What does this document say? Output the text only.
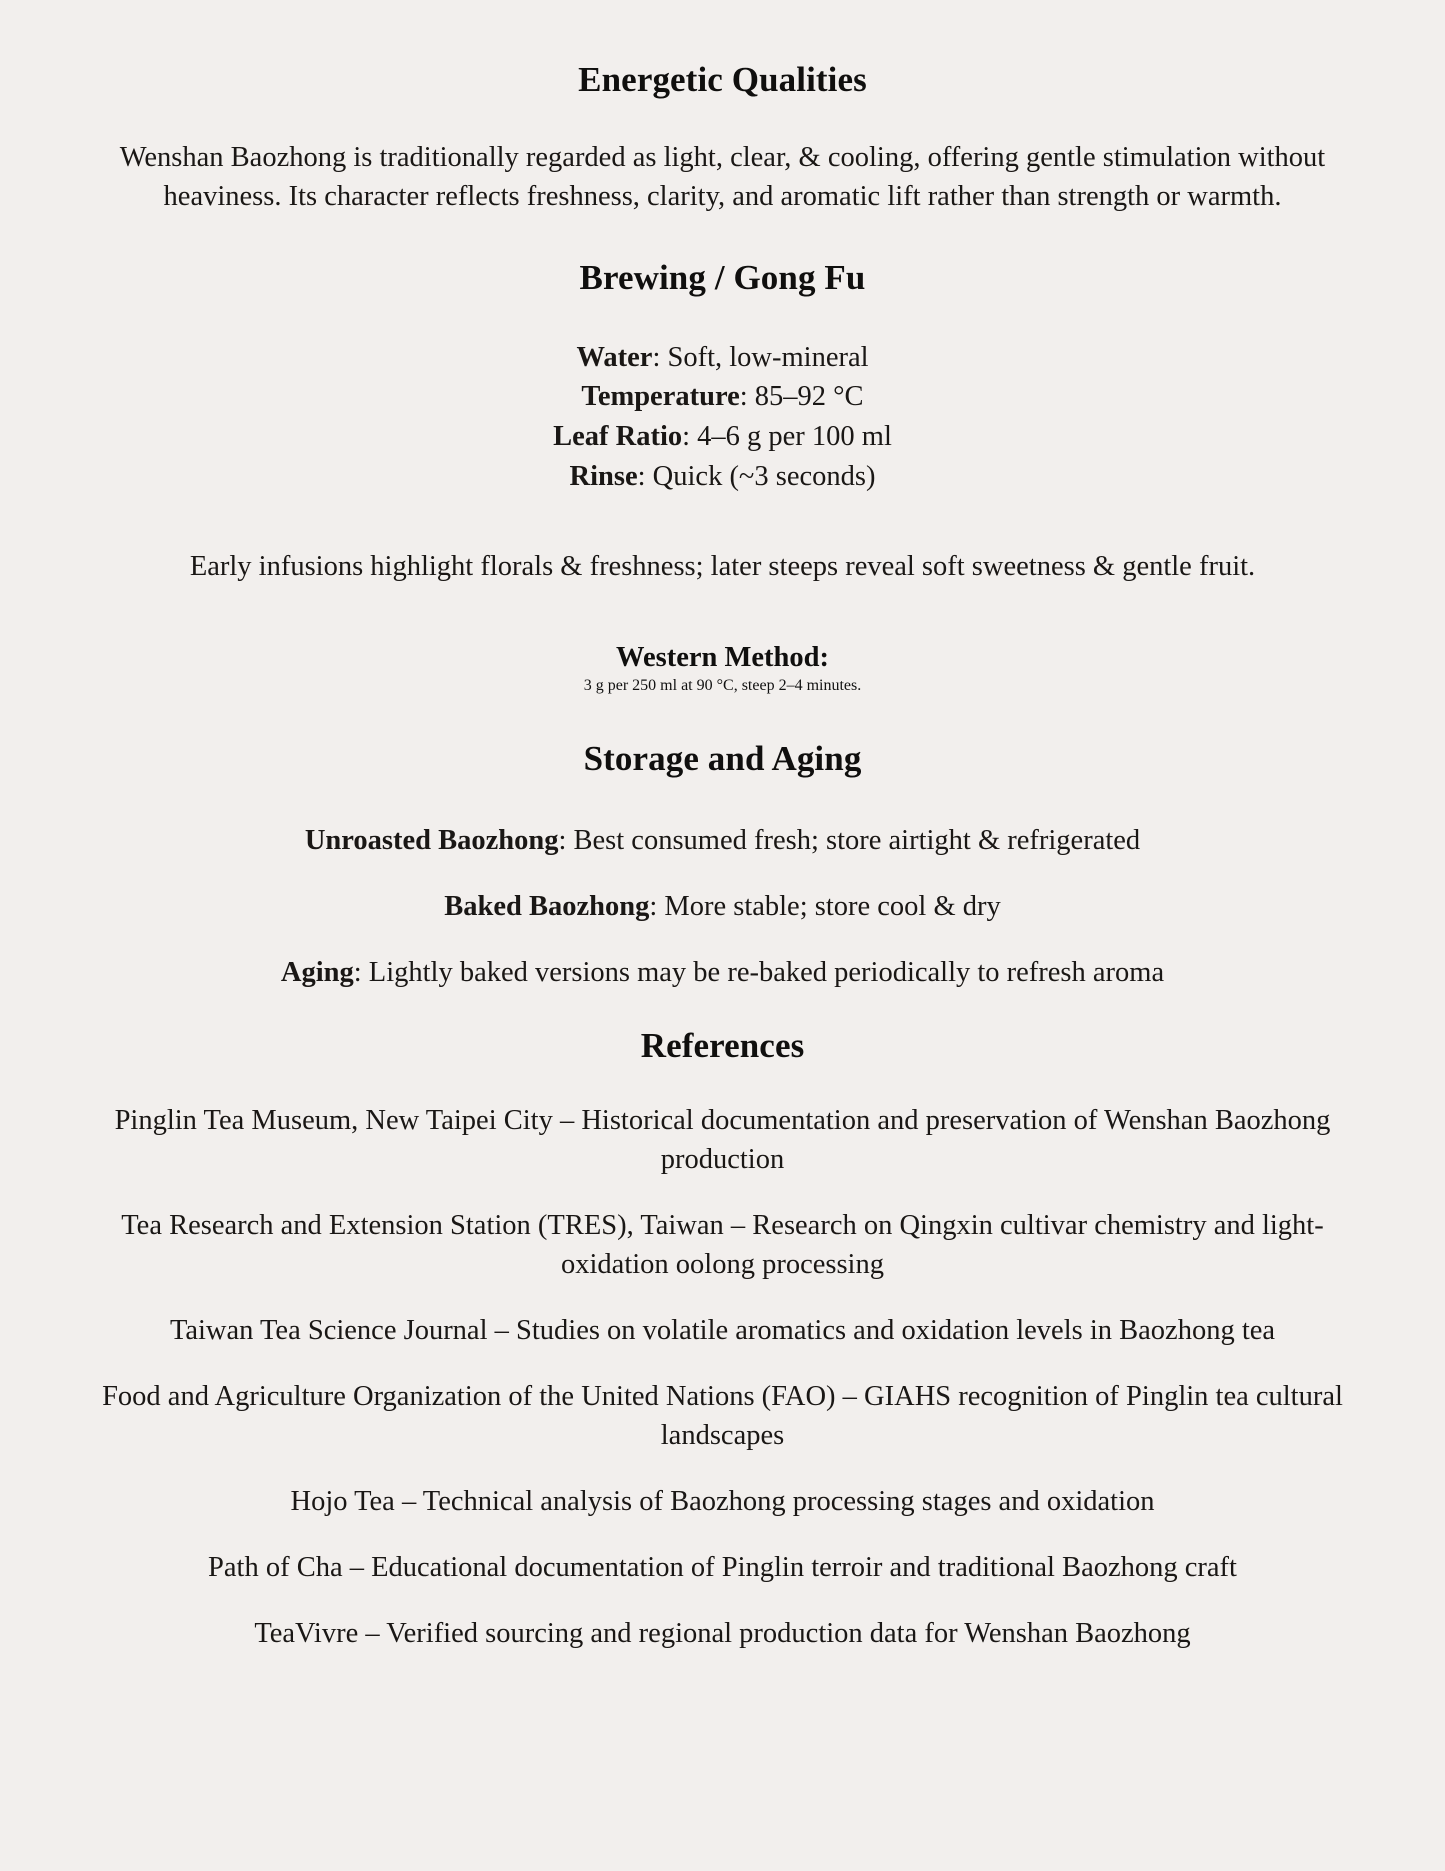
Energetic Qualities

Wenshan Baozhong is traditionally regarded as light, clear, & cooling, offering gentle stimulation without heaviness. Its character reflects freshness, clarity, and aromatic lift rather than strength or warmth.

Brewing / Gong Fu
Water: Soft, low-mineral
Temperature: 85–92 °C
Leaf Ratio: 4–6 g per 100 ml
Rinse: Quick (~3 seconds)

Early infusions highlight florals & freshness; later steeps reveal soft sweetness & gentle fruit.

Western Method:
3 g per 250 ml at 90 °C, steep 2–4 minutes.
Storage and Aging
Unroasted Baozhong: Best consumed fresh; store airtight & refrigerated
Baked Baozhong: More stable; store cool & dry
Aging: Lightly baked versions may be re-baked periodically to refresh aroma
References
Pinglin Tea Museum, New Taipei City – Historical documentation and preservation of Wenshan Baozhong production
Tea Research and Extension Station (TRES), Taiwan – Research on Qingxin cultivar chemistry and light-oxidation oolong processing
Taiwan Tea Science Journal – Studies on volatile aromatics and oxidation levels in Baozhong tea
Food and Agriculture Organization of the United Nations (FAO) – GIAHS recognition of Pinglin tea cultural landscapes
Hojo Tea – Technical analysis of Baozhong processing stages and oxidation
Path of Cha – Educational documentation of Pinglin terroir and traditional Baozhong craft
TeaVivre – Verified sourcing and regional production data for Wenshan Baozhong
